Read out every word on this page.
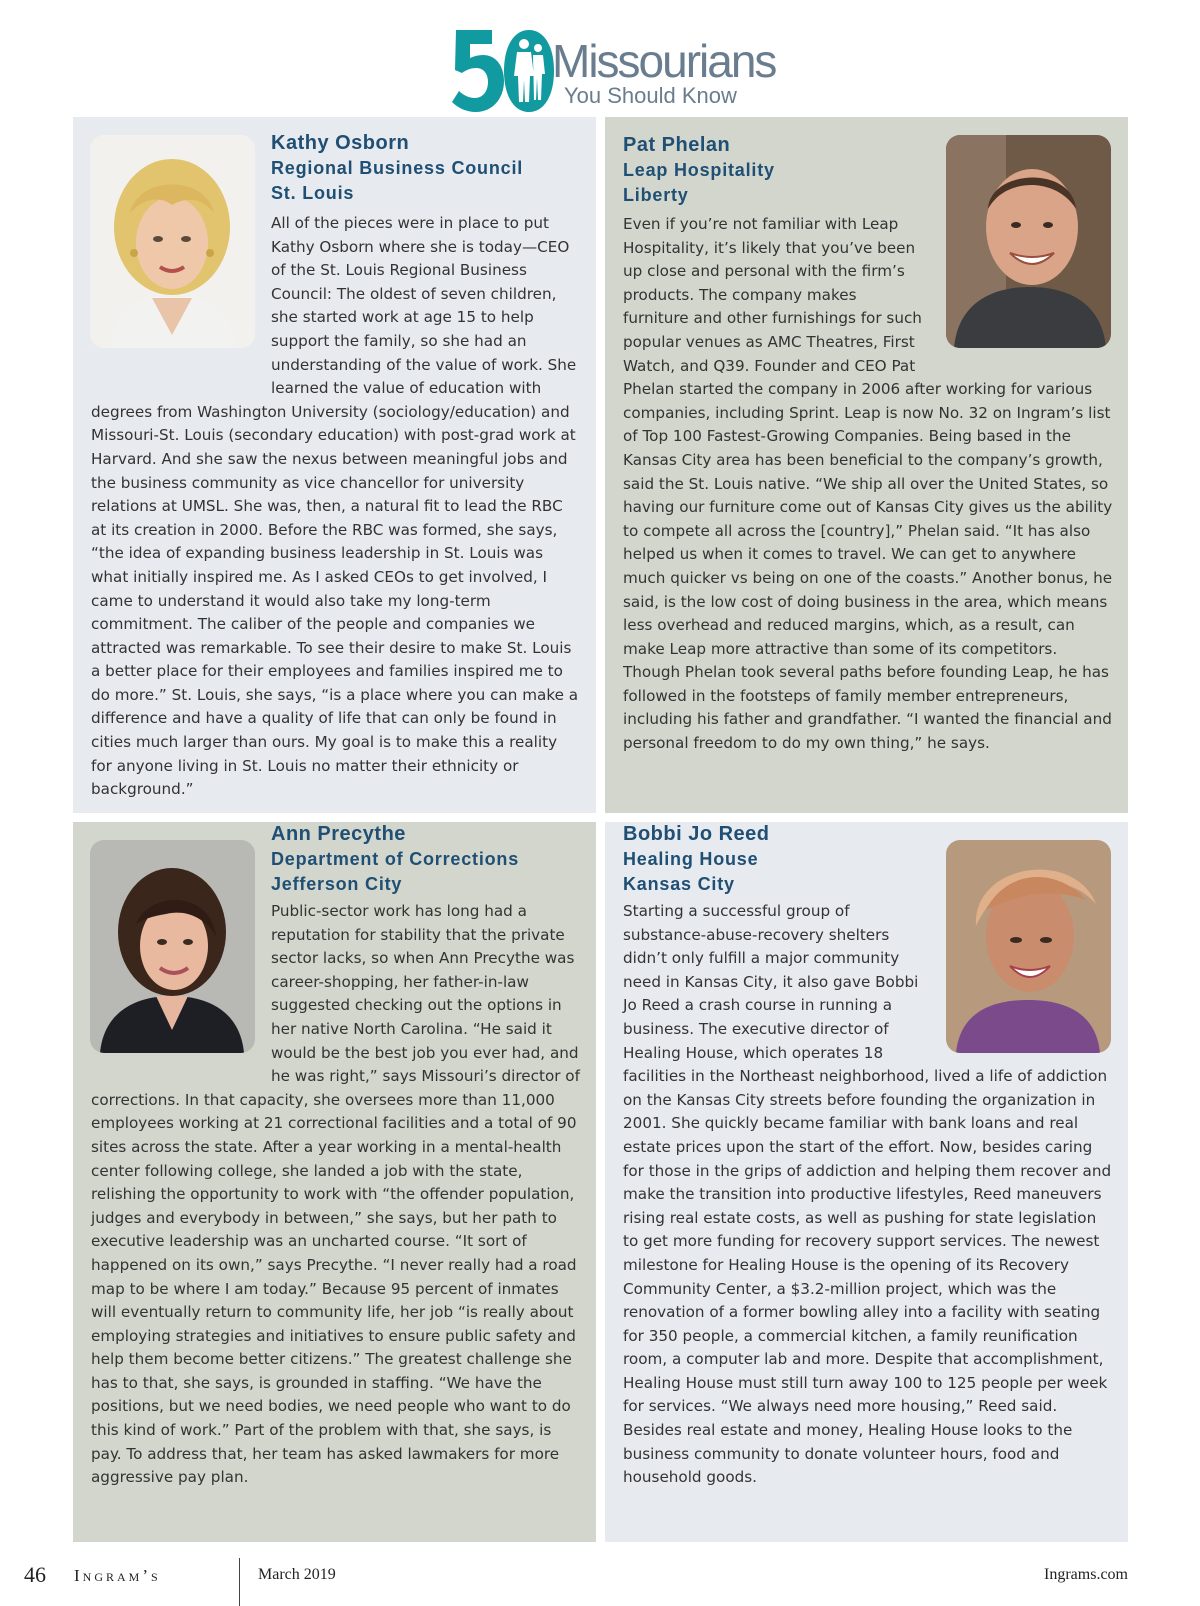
Missourians
You Should Know
Kathy Osborn
Regional Business Council
St. Louis
All of the pieces were in place to put Kathy Osborn where she is today—CEO of the St. Louis Regional Business Council: The oldest of seven children, she started work at age 15 to help support the family, so she had an understanding of the value of work. She learned the value of education with degrees from Washington University (sociology/education) and Missouri-St. Louis (secondary education) with post-grad work at Harvard. And she saw the nexus between meaningful jobs and the business community as vice chancellor for university relations at UMSL. She was, then, a natural fit to lead the RBC at its creation in 2000. Before the RBC was formed, she says, “the idea of expanding business leadership in St. Louis was what initially inspired me. As I asked CEOs to get involved, I came to understand it would also take my long-term commitment. The caliber of the people and companies we attracted was remarkable. To see their desire to make St. Louis a better place for their employees and families inspired me to do more.” St. Louis, she says, “is a place where you can make a difference and have a quality of life that can only be found in cities much larger than ours. My goal is to make this a reality for anyone living in St. Louis no matter their ethnicity or background.”
Pat Phelan
Leap Hospitality
Liberty
Even if you’re not familiar with Leap Hospitality, it’s likely that you’ve been up close and personal with the firm’s products. The company makes furniture and other furnishings for such popular venues as AMC Theatres, First Watch, and Q39. Founder and CEO Pat Phelan started the company in 2006 after working for various companies, including Sprint. Leap is now No. 32 on Ingram’s list of Top 100 Fastest-Growing Companies. Being based in the Kansas City area has been beneficial to the company’s growth, said the St. Louis native. “We ship all over the United States, so having our furniture come out of Kansas City gives us the ability to compete all across the [country],” Phelan said. “It has also helped us when it comes to travel. We can get to anywhere much quicker vs being on one of the coasts.” Another bonus, he said, is the low cost of doing business in the area, which means less overhead and reduced margins, which, as a result, can make Leap more attractive than some of its competitors. Though Phelan took several paths before founding Leap, he has followed in the footsteps of family member entrepreneurs, including his father and grandfather. “I wanted the financial and personal freedom to do my own thing,” he says.
Ann Precythe
Department of Corrections
Jefferson City
Public-sector work has long had a reputation for stability that the private sector lacks, so when Ann Precythe was career-shopping, her father-in-law suggested checking out the options in her native North Carolina. “He said it would be the best job you ever had, and he was right,” says Missouri’s director of corrections. In that capacity, she oversees more than 11,000 employees working at 21 correctional facilities and a total of 90 sites across the state. After a year working in a mental-health center following college, she landed a job with the state, relishing the opportunity to work with “the offender population, judges and everybody in between,” she says, but her path to executive leadership was an uncharted course. “It sort of happened on its own,” says Precythe. “I never really had a road map to be where I am today.” Because 95 percent of inmates will eventually return to community life, her job “is really about employing strategies and initiatives to ensure public safety and help them become better citizens.” The greatest challenge she has to that, she says, is grounded in staffing. “We have the positions, but we need bodies, we need people who want to do this kind of work.” Part of the problem with that, she says, is pay. To address that, her team has asked lawmakers for more aggressive pay plan.
Bobbi Jo Reed
Healing House
Kansas City
Starting a successful group of substance-abuse-recovery shelters didn’t only fulfill a major community need in Kansas City, it also gave Bobbi Jo Reed a crash course in running a business. The executive director of Healing House, which operates 18 facilities in the Northeast neighborhood, lived a life of addiction on the Kansas City streets before founding the organization in 2001. She quickly became familiar with bank loans and real estate prices upon the start of the effort. Now, besides caring for those in the grips of addiction and helping them recover and make the transition into productive lifestyles, Reed maneuvers rising real estate costs, as well as pushing for state legislation to get more funding for recovery support services. The newest milestone for Healing House is the opening of its Recovery Community Center, a $3.2-million project, which was the renovation of a former bowling alley into a facility with seating for 350 people, a commercial kitchen, a family reunification room, a computer lab and more. Despite that accomplishment, Healing House must still turn away 100 to 125 people per week for services. “We always need more housing,” Reed said. Besides real estate and money, Healing House looks to the business community to donate volunteer hours, food and household goods.
46 Ingram’s	March 2019	Ingrams.com
